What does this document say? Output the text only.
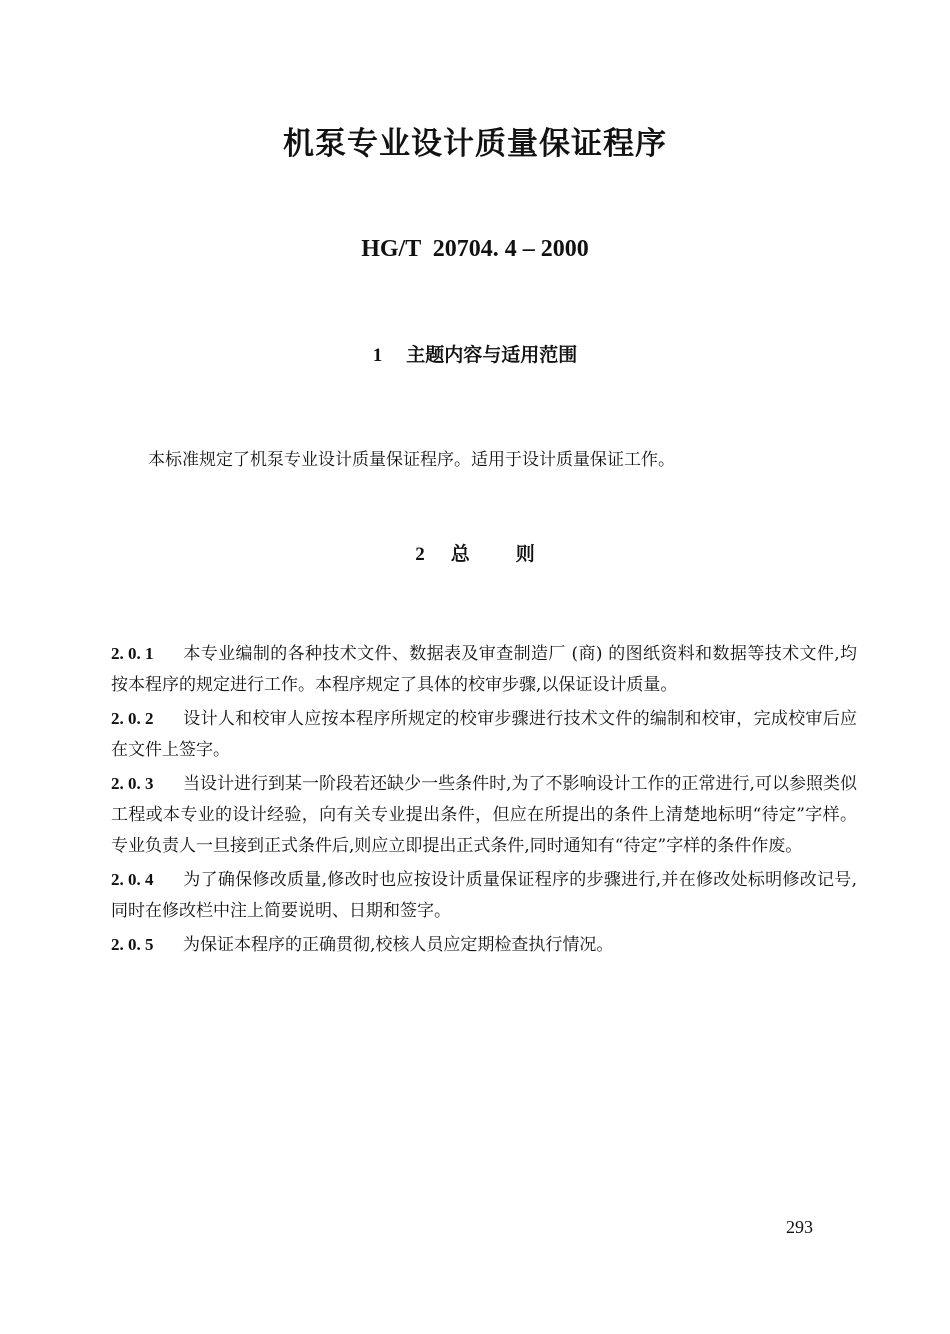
机泵专业设计质量保证程序

HG/T  20704. 4 – 2000

1 主题内容与适用范围

本标准规定了机泵专业设计质量保证程序。适用于设计质量保证工作。

2 总则

2. 0. 1 本专业编制的各种技术文件、数据表及审查制造厂 (商) 的图纸资料和数据等技术文件,均按本程序的规定进行工作。本程序规定了具体的校审步骤,以保证设计质量。

2. 0. 2 设计人和校审人应按本程序所规定的校审步骤进行技术文件的编制和校审，完成校审后应在文件上签字。

2. 0. 3 当设计进行到某一阶段若还缺少一些条件时,为了不影响设计工作的正常进行,可以参照类似工程或本专业的设计经验，向有关专业提出条件，但应在所提出的条件上清楚地标明“待定”字样。专业负责人一旦接到正式条件后,则应立即提出正式条件,同时通知有“待定”字样的条件作废。

2. 0. 4 为了确保修改质量,修改时也应按设计质量保证程序的步骤进行,并在修改处标明修改记号,同时在修改栏中注上简要说明、日期和签字。

2. 0. 5 为保证本程序的正确贯彻,校核人员应定期检查执行情况。

293
